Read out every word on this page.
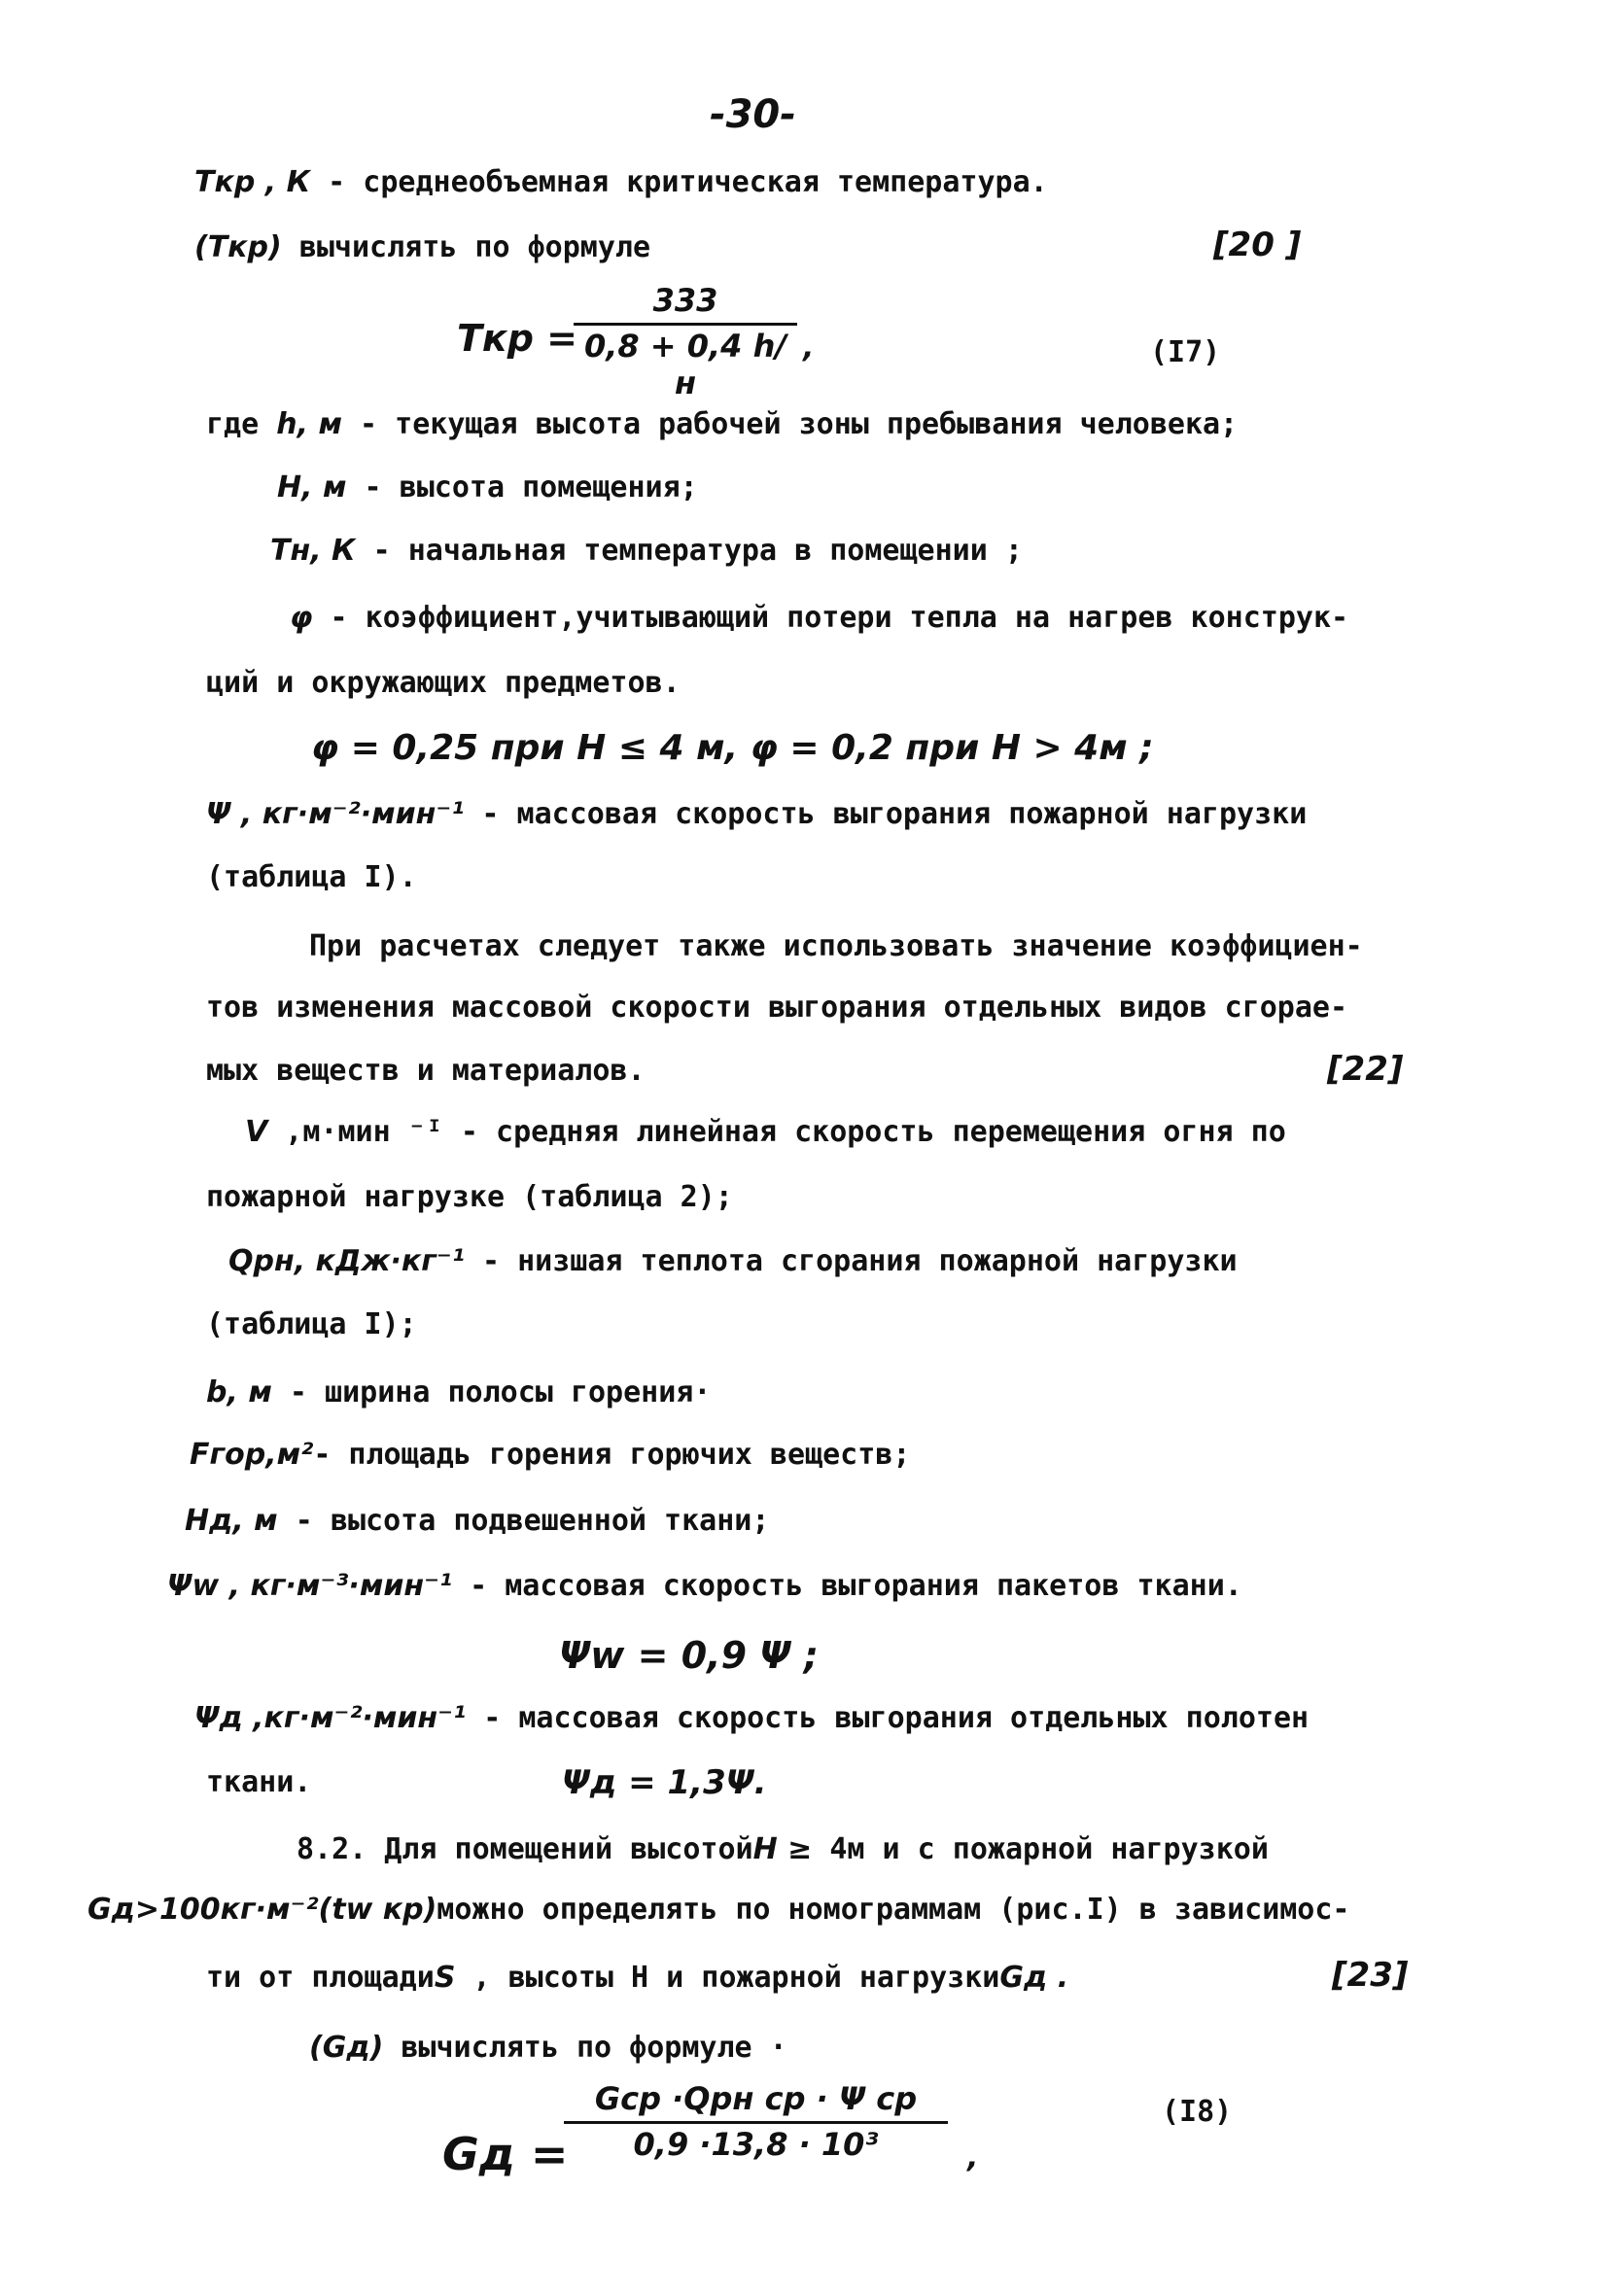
-30-
Tкр , К - среднеобъемная критическая температура.
(Ткр) вычислять по формуле	[20 ]
Tкр =
333
0,8 + 0,4 h/н
,	(I7)
где h, м - текущая высота рабочей зоны пребывания человека;
H, м - высота помещения;
Tн, К - начальная температура в помещении ;
φ - коэффициент,учитывающий потери тепла на нагрев конструк-
ций и окружающих предметов.
φ = 0,25 при H ≤ 4 м, φ = 0,2 при H > 4м ;
Ψ , кг·м⁻²·мин⁻¹ - массовая скорость выгорания пожарной нагрузки
(таблица I).
При расчетах следует также использовать значение коэффициен-
тов изменения массовой скорости выгорания отдельных видов сгорае-
мых веществ и материалов.	[22]
V ,м·мин ⁻ᴵ - средняя линейная скорость перемещения огня по
пожарной нагрузке (таблица 2);
Qрн, кДж·кг⁻¹ - низшая теплота сгорания пожарной нагрузки
(таблица I);
b, м - ширина полосы горения·
Fгор,м²- площадь горения горючих веществ;
Hд, м - высота подвешенной ткани;
Ψw , кг·м⁻³·мин⁻¹ - массовая скорость выгорания пакетов ткани.
Ψw = 0,9 Ψ ;
Ψд ,кг·м⁻²·мин⁻¹ - массовая скорость выгорания отдельных полотен
ткани.	Ψд = 1,3Ψ.
8.2. Для помещений высотойH ≥ 4м и с пожарной нагрузкой
Gд>100кг·м⁻²(tw кр)можно определять по номограммам (рис.I) в зависимос-
ти от площадиS , высоты H и пожарной нагрузкиGд .	[23]
(Gд) вычислять по формуле ·
Gд =
Gср ·Qрн ср · Ψ ср
0,9 ·13,8 · 10³	,
(I8)
